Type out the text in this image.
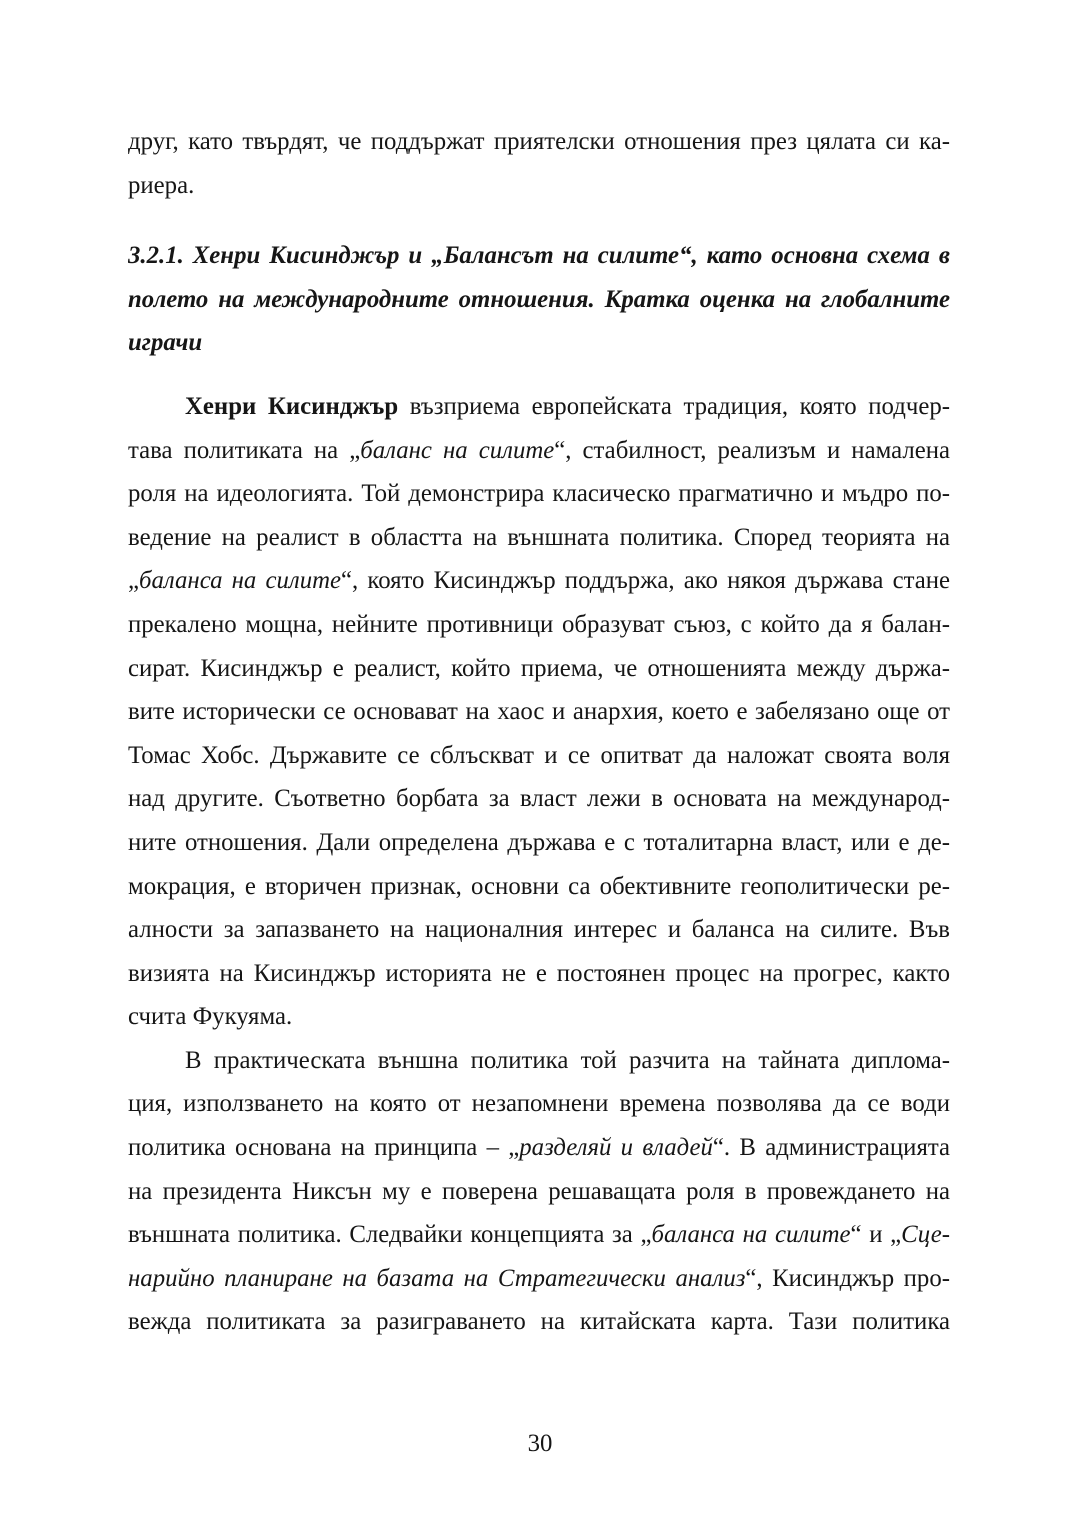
друг, като твърдят, че поддържат приятелски отношения през цялата си ка-
риера.
3.2.1. Хенри Кисинджър и „Балансът на силите“, като основна схема в
полето на международните отношения. Кратка оценка на глобалните
играчи
Хенри Кисинджър възприема европейската традиция, която подчер-
тава политиката на „баланс на силите“, стабилност, реализъм и намалена
роля на идеологията. Той демонстрира класическо прагматично и мъдро по-
ведение на реалист в областта на външната политика. Според теорията на
„баланса на силите“, която Кисинджър поддържа, ако някоя държава стане
прекалено мощна, нейните противници образуват съюз, с който да я балан-
сират. Кисинджър е реалист, който приема, че отношенията между държа-
вите исторически се основават на хаос и анархия, което е забелязано още от
Томас Хобс. Държавите се сблъскват и се опитват да наложат своята воля
над другите. Съответно борбата за власт лежи в основата на международ-
ните отношения. Дали определена държава е с тоталитарна власт, или е де-
мокрация, е вторичен признак, основни са обективните геополитически ре-
алности за запазването на националния интерес и баланса на силите. Във
визията на Кисинджър историята не е постоянен процес на прогрес, както
счита Фукуяма.
В практическата външна политика той разчита на тайната диплома-
ция, използването на която от незапомнени времена позволява да се води
политика основана на принципа – „разделяй и владей“. В администрацията
на президента Никсън му е поверена решаващата роля в провеждането на
външната политика. Следвайки концепцията за „баланса на силите“ и „Сце-
нарийно планиране на базата на Стратегически анализ“, Кисинджър про-
вежда политиката за разиграването на китайската карта. Тази политика
30
